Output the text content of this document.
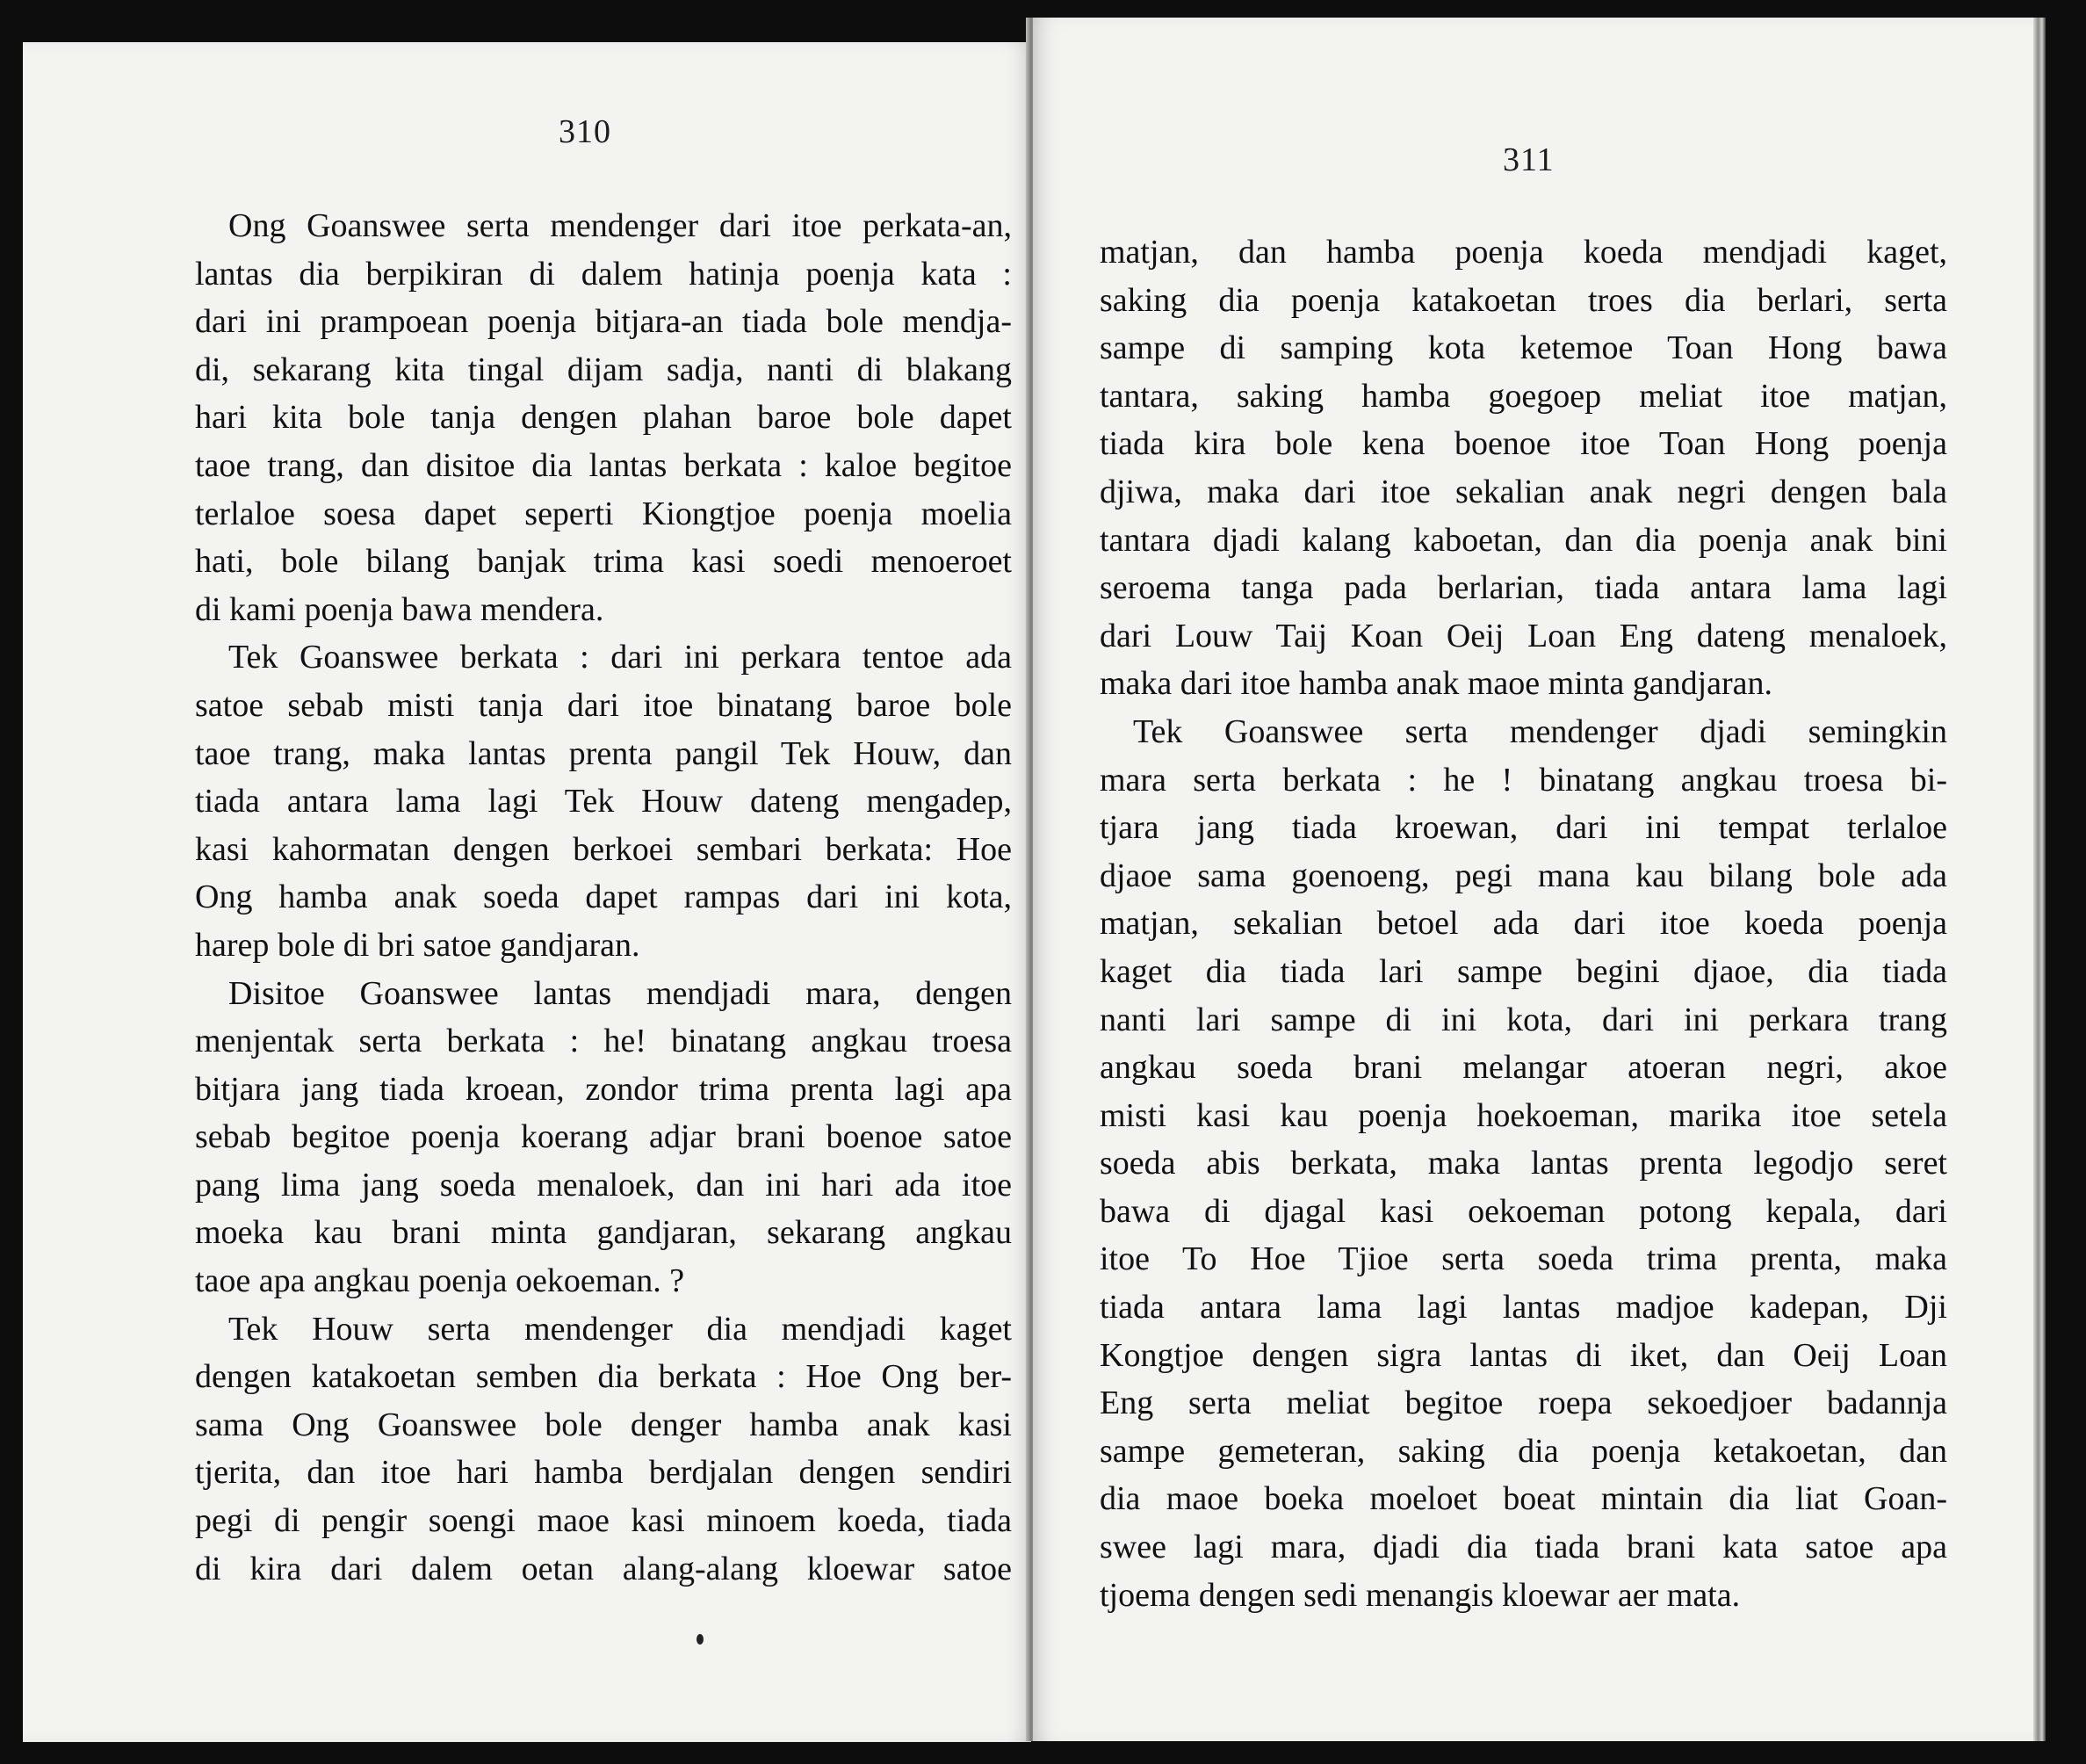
310
Ong Goanswee serta mendenger dari itoe perkata-an,
lantas dia berpikiran di dalem hatinja poenja kata :
dari ini prampoean poenja bitjara-an tiada bole mendja-
di, sekarang kita tingal dijam sadja, nanti di blakang
hari kita bole tanja dengen plahan baroe bole dapet
taoe trang, dan disitoe dia lantas berkata : kaloe begitoe
terlaloe soesa dapet seperti Kiongtjoe poenja moelia
hati, bole bilang banjak trima kasi soedi menoeroet
di kami poenja bawa mendera.
Tek Goanswee berkata : dari ini perkara tentoe ada
satoe sebab misti tanja dari itoe binatang baroe bole
taoe trang, maka lantas prenta pangil Tek Houw, dan
tiada antara lama lagi Tek Houw dateng mengadep,
kasi kahormatan dengen berkoei sembari berkata: Hoe
Ong hamba anak soeda dapet rampas dari ini kota,
harep bole di bri satoe gandjaran.
Disitoe Goanswee lantas mendjadi mara, dengen
menjentak serta berkata : he! binatang angkau troesa
bitjara jang tiada kroean, zondor trima prenta lagi apa
sebab begitoe poenja koerang adjar brani boenoe satoe
pang lima jang soeda menaloek, dan ini hari ada itoe
moeka kau brani minta gandjaran, sekarang angkau
taoe apa angkau poenja oekoeman. ?
Tek Houw serta mendenger dia mendjadi kaget
dengen katakoetan semben dia berkata : Hoe Ong ber-
sama Ong Goanswee bole denger hamba anak kasi
tjerita, dan itoe hari hamba berdjalan dengen sendiri
pegi di pengir soengi maoe kasi minoem koeda, tiada
di kira dari dalem oetan alang-alang kloewar satoe
311
matjan, dan hamba poenja koeda mendjadi kaget,
saking dia poenja katakoetan troes dia berlari, serta
sampe di samping kota ketemoe Toan Hong bawa
tantara, saking hamba goegoep meliat itoe matjan,
tiada kira bole kena boenoe itoe Toan Hong poenja
djiwa, maka dari itoe sekalian anak negri dengen bala
tantara djadi kalang kaboetan, dan dia poenja anak bini
seroema tanga pada berlarian, tiada antara lama lagi
dari Louw Taij Koan Oeij Loan Eng dateng menaloek,
maka dari itoe hamba anak maoe minta gandjaran.
Tek Goanswee serta mendenger djadi semingkin
mara serta berkata : he ! binatang angkau troesa bi-
tjara jang tiada kroewan, dari ini tempat terlaloe
djaoe sama goenoeng, pegi mana kau bilang bole ada
matjan, sekalian betoel ada dari itoe koeda poenja
kaget dia tiada lari sampe begini djaoe, dia tiada
nanti lari sampe di ini kota, dari ini perkara trang
angkau soeda brani melangar atoeran negri, akoe
misti kasi kau poenja hoekoeman, marika itoe setela
soeda abis berkata, maka lantas prenta legodjo seret
bawa di djagal kasi oekoeman potong kepala, dari
itoe To Hoe Tjioe serta soeda trima prenta, maka
tiada antara lama lagi lantas madjoe kadepan, Dji
Kongtjoe dengen sigra lantas di iket, dan Oeij Loan
Eng serta meliat begitoe roepa sekoedjoer badannja
sampe gemeteran, saking dia poenja ketakoetan, dan
dia maoe boeka moeloet boeat mintain dia liat Goan-
swee lagi mara, djadi dia tiada brani kata satoe apa
tjoema dengen sedi menangis kloewar aer mata.
